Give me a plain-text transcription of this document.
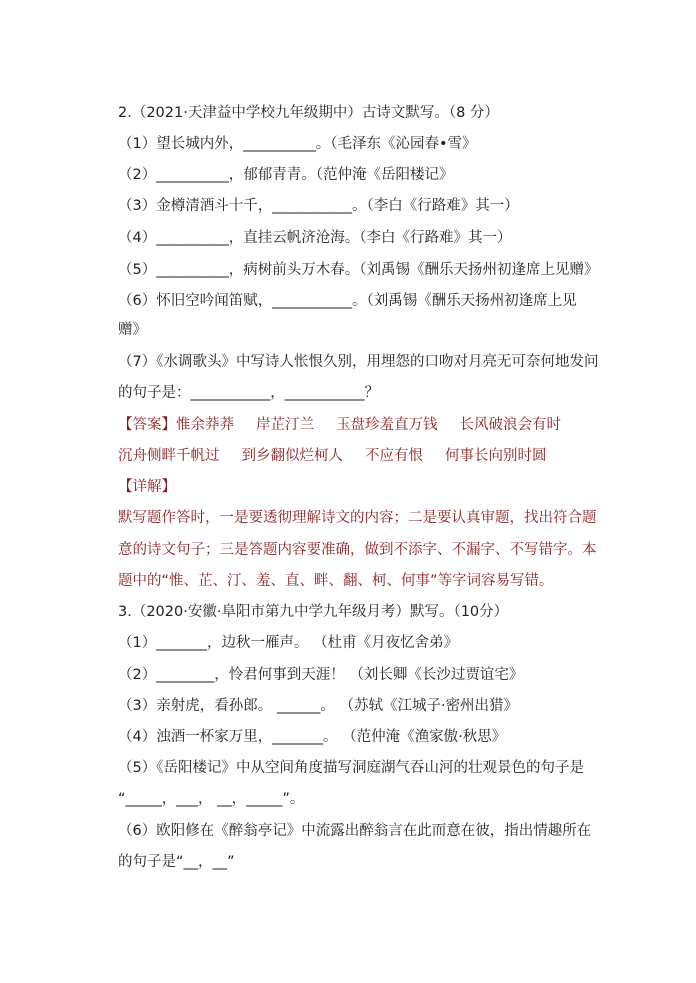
2.（2021·天津益中学校九年级期中）古诗文默写。（8 分）
（1）望长城内外，__________。（毛泽东《沁园春•雪》
（2）__________，郁郁青青。（范仲淹《岳阳楼记》
（3）金樽清酒斗十千，___________。（李白《行路难》其一）
（4）__________，直挂云帆济沧海。（李白《行路难》其一）
（5）__________，病树前头万木春。（刘禹锡《酬乐天扬州初逢席上见赠》
（6）怀旧空吟闻笛赋，___________。（刘禹锡《酬乐天扬州初逢席上见
赠》
（7）《水调歌头》中写诗人怅恨久别，用埋怨的口吻对月亮无可奈何地发问
的句子是：___________，___________？
【答案】惟余莽莽 岸芷汀兰 玉盘珍羞直万钱 长风破浪会有时
沉舟侧畔千帆过 到乡翻似烂柯人 不应有恨 何事长向别时圆
【详解】
默写题作答时，一是要透彻理解诗文的内容；二是要认真审题，找出符合题
意的诗文句子；三是答题内容要准确，做到不添字、不漏字、不写错字。本
题中的“惟、芷、汀、羞、直、畔、翻、柯、何事”等字词容易写错。
3.（2020·安徽·阜阳市第九中学九年级月考）默写。（10分）
（1）_______，边秋一雁声。 （杜甫《月夜忆舍弟》
（2）________，怜君何事到天涯！ （刘长卿《长沙过贾谊宅》
（3）亲射虎，看孙郎。 ______。 （苏轼《江城子·密州出猎》
（4）浊酒一杯家万里，_______。 （范仲淹《渔家傲·秋思》
（5）《岳阳楼记》中从空间角度描写洞庭湖气吞山河的壮观景色的句子是
“_____，___， __，_____”。
（6）欧阳修在《醉翁亭记》中流露出醉翁言在此而意在彼，指出情趣所在
的句子是“__，__”
